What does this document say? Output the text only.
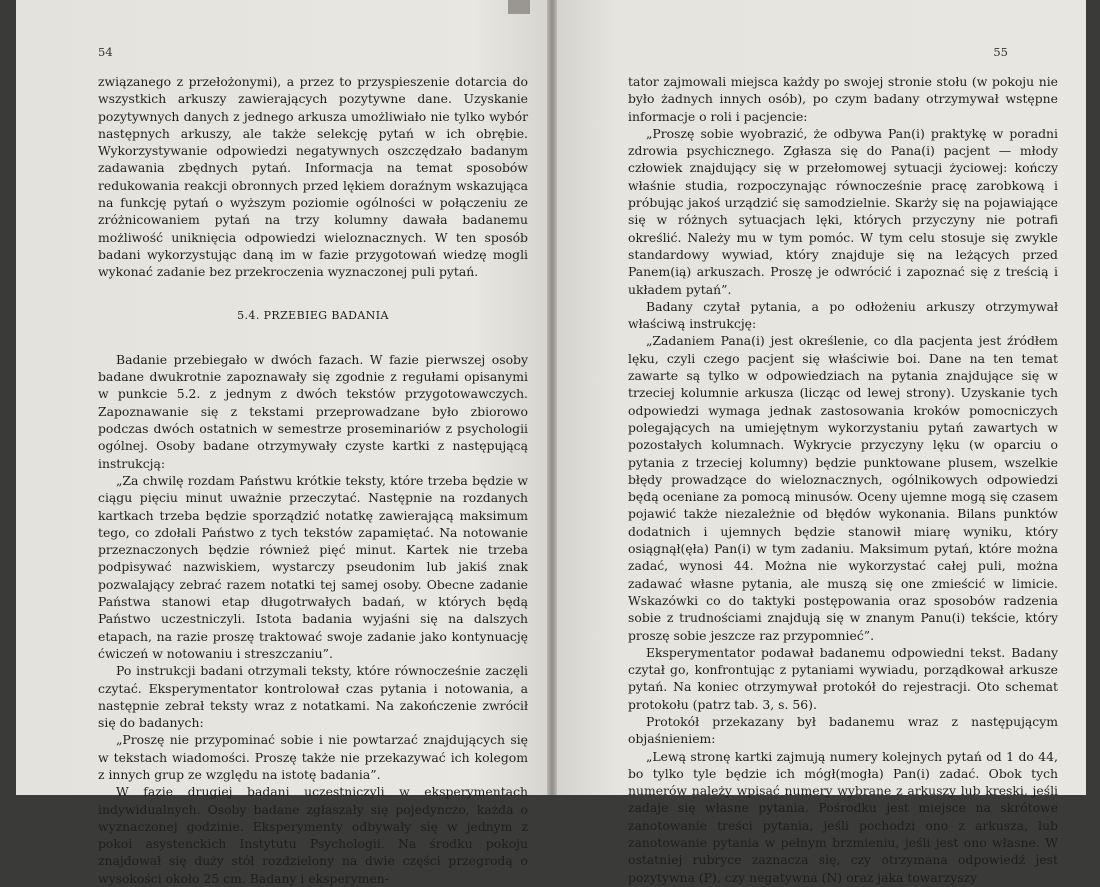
54

związanego z przełożonymi), a przez to przyspieszenie dotarcia do wszystkich arkuszy zawierających pozytywne dane. Uzyskanie pozytywnych danych z jednego arkusza umożliwiało nie tylko wybór następnych arkuszy, ale także selekcję pytań w ich obrębie. Wykorzystywanie odpowiedzi negatywnych oszczędzało badanym zadawania zbędnych pytań. Informacja na temat sposobów redukowania reakcji obronnych przed lękiem doraźnym wskazująca na funkcję pytań o wyższym poziomie ogólności w połączeniu ze zróżnicowaniem pytań na trzy kolumny dawała badanemu możliwość uniknięcia odpowiedzi wieloznacznych. W ten sposób badani wykorzystując daną im w fazie przygotowań wiedzę mogli wykonać zadanie bez przekroczenia wyznaczonej puli pytań.

5.4. PRZEBIEG BADANIA

Badanie przebiegało w dwóch fazach. W fazie pierwszej osoby badane dwukrotnie zapoznawały się zgodnie z regułami opisanymi w punkcie 5.2. z jednym z dwóch tekstów przygotowawczych. Zapoznawanie się z tekstami przeprowadzane było zbiorowo podczas dwóch ostatnich w semestrze proseminariów z psychologii ogólnej. Osoby badane otrzymywały czyste kartki z następującą instrukcją:

„Za chwilę rozdam Państwu krótkie teksty, które trzeba będzie w ciągu pięciu minut uważnie przeczytać. Następnie na rozdanych kartkach trzeba będzie sporządzić notatkę zawierającą maksimum tego, co zdołali Państwo z tych tekstów zapamiętać. Na notowanie przeznaczonych będzie również pięć minut. Kartek nie trzeba podpisywać nazwiskiem, wystarczy pseudonim lub jakiś znak pozwalający zebrać razem notatki tej samej osoby. Obecne zadanie Państwa stanowi etap długotrwałych badań, w których będą Państwo uczestniczyli. Istota badania wyjaśni się na dalszych etapach, na razie proszę traktować swoje zadanie jako kontynuację ćwiczeń w notowaniu i streszczaniu”.

Po instrukcji badani otrzymali teksty, które równocześnie zaczęli czytać. Eksperymentator kontrolował czas pytania i notowania, a następnie zebrał teksty wraz z notatkami. Na zakończenie zwrócił się do badanych:

„Proszę nie przypominać sobie i nie powtarzać znajdujących się w tekstach wiadomości. Proszę także nie przekazywać ich kolegom z innych grup ze względu na istotę badania”.

W fazie drugiej badani uczestniczyli w eksperymentach indywidualnych. Osoby badane zgłaszały się pojedynczo, każda o wyznaczonej godzinie. Eksperymenty odbywały się w jednym z pokoi asystenckich Instytutu Psychologii. Na środku pokoju znajdował się duży stół rozdzielony na dwie części przegrodą o wysokości około 25 cm. Badany i eksperymen-

55

tator zajmowali miejsca każdy po swojej stronie stołu (w pokoju nie było żadnych innych osób), po czym badany otrzymywał wstępne informacje o roli i pacjencie:

„Proszę sobie wyobrazić, że odbywa Pan(i) praktykę w poradni zdrowia psychicznego. Zgłasza się do Pana(i) pacjent — młody człowiek znajdujący się w przełomowej sytuacji życiowej: kończy właśnie studia, rozpoczynając równocześnie pracę zarobkową i próbując jakoś urządzić się samodzielnie. Skarży się na pojawiające się w różnych sytuacjach lęki, których przyczyny nie potrafi określić. Należy mu w tym pomóc. W tym celu stosuje się zwykle standardowy wywiad, który znajduje się na leżących przed Panem(ią) arkuszach. Proszę je odwrócić i zapoznać się z treścią i układem pytań”.

Badany czytał pytania, a po odłożeniu arkuszy otrzymywał właściwą instrukcję:

„Zadaniem Pana(i) jest określenie, co dla pacjenta jest źródłem lęku, czyli czego pacjent się właściwie boi. Dane na ten temat zawarte są tylko w odpowiedziach na pytania znajdujące się w trzeciej kolumnie arkusza (licząc od lewej strony). Uzyskanie tych odpowiedzi wymaga jednak zastosowania kroków pomocniczych polegających na umiejętnym wykorzystaniu pytań zawartych w pozostałych kolumnach. Wykrycie przyczyny lęku (w oparciu o pytania z trzeciej kolumny) będzie punktowane plusem, wszelkie błędy prowadzące do wieloznacznych, ogólnikowych odpowiedzi będą oceniane za pomocą minusów. Oceny ujemne mogą się czasem pojawić także niezależnie od błędów wykonania. Bilans punktów dodatnich i ujemnych będzie stanowił miarę wyniku, który osiągnął(ęła) Pan(i) w tym zadaniu. Maksimum pytań, które można zadać, wynosi 44. Można nie wykorzystać całej puli, można zadawać własne pytania, ale muszą się one zmieścić w limicie. Wskazówki co do taktyki postępowania oraz sposobów radzenia sobie z trudnościami znajdują się w znanym Panu(i) tekście, który proszę sobie jeszcze raz przypomnieć”.

Eksperymentator podawał badanemu odpowiedni tekst. Badany czytał go, konfrontując z pytaniami wywiadu, porządkował arkusze pytań. Na koniec otrzymywał protokół do rejestracji. Oto schemat protokołu (patrz tab. 3, s. 56).

Protokół przekazany był badanemu wraz z następującym objaśnieniem:

„Lewą stronę kartki zajmują numery kolejnych pytań od 1 do 44, bo tylko tyle będzie ich mógł(mogła) Pan(i) zadać. Obok tych numerów należy wpisać numery wybrane z arkuszy lub kreski, jeśli zadaje się własne pytania. Pośrodku jest miejsce na skrótowe zanotowanie treści pytania, jeśli pochodzi ono z arkusza, lub zanotowanie pytania w pełnym brzmieniu, jeśli jest ono własne. W ostatniej rubryce zaznacza się, czy otrzymana odpowiedź jest pozytywna (P), czy negatywna (N) oraz jaka towarzyszy
